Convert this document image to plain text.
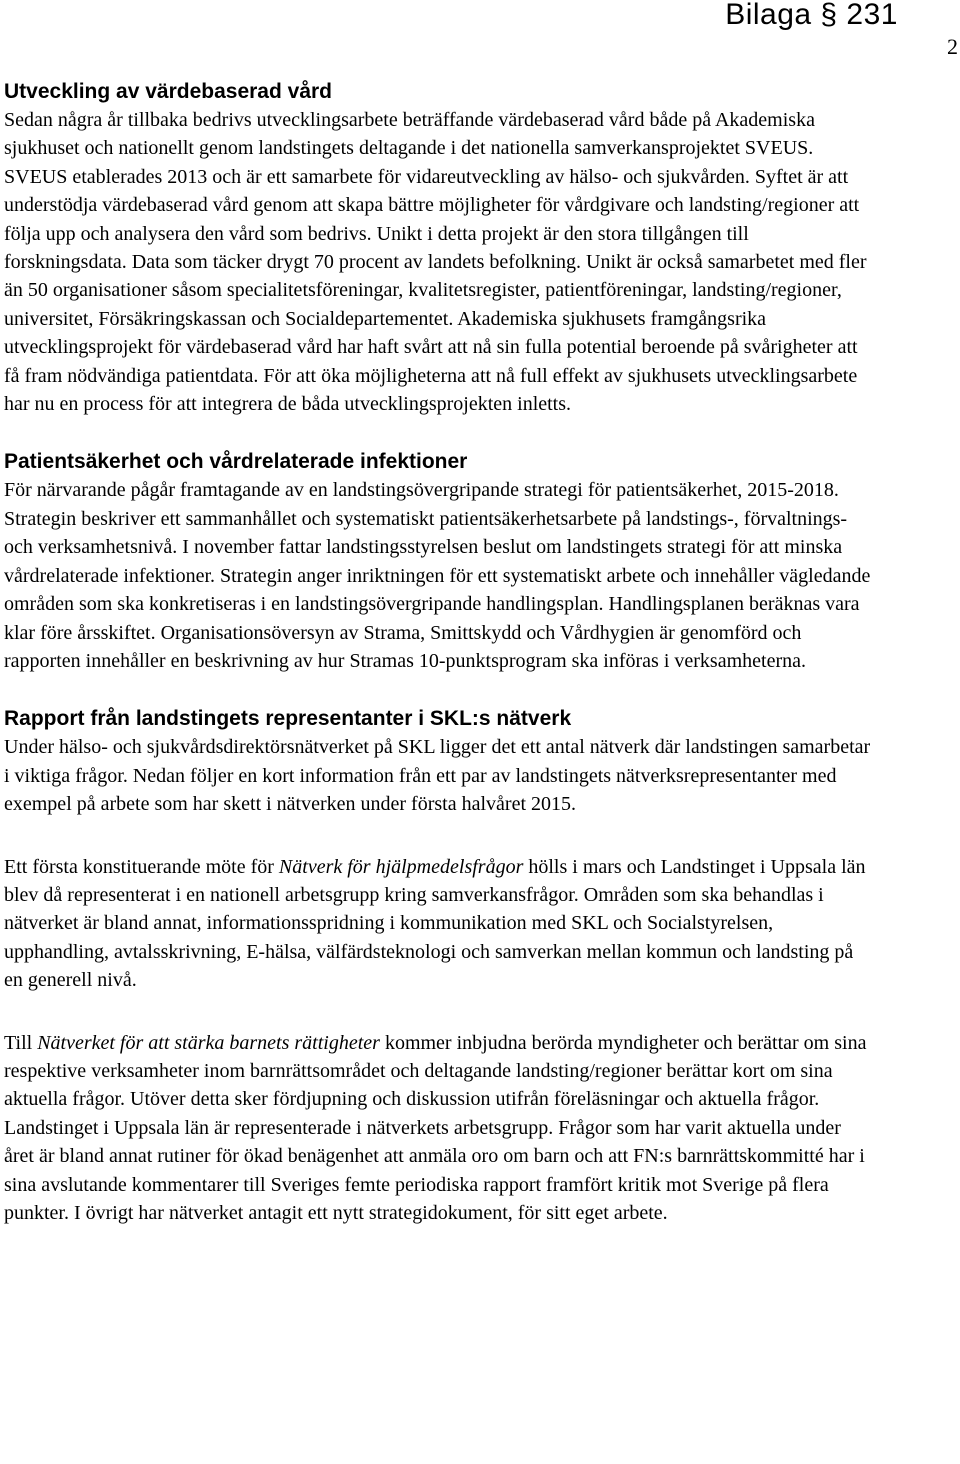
Bilaga § 231
2
Utveckling av värdebaserad vård

Sedan några år tillbaka bedrivs utvecklingsarbete beträffande värdebaserad vård både på Akademiska sjukhuset och nationellt genom landstingets deltagande i det nationella samverkansprojektet SVEUS. SVEUS etablerades 2013 och är ett samarbete för vidareutveckling av hälso- och sjukvården. Syftet är att understödja värdebaserad vård genom att skapa bättre möjligheter för vårdgivare och landsting/regioner att följa upp och analysera den vård som bedrivs. Unikt i detta projekt är den stora tillgången till forskningsdata. Data som täcker drygt 70 procent av landets befolkning. Unikt är också samarbetet med fler än 50 organisationer såsom specialitetsföreningar, kvalitetsregister, patientföreningar, landsting/regioner, universitet, Försäkringskassan och Socialdepartementet. Akademiska sjukhusets framgångsrika utvecklingsprojekt för värdebaserad vård har haft svårt att nå sin fulla potential beroende på svårigheter att få fram nödvändiga patientdata. För att öka möjligheterna att nå full effekt av sjukhusets utvecklingsarbete har nu en process för att integrera de båda utvecklingsprojekten inletts.

Patientsäkerhet och vårdrelaterade infektioner

För närvarande pågår framtagande av en landstingsövergripande strategi för patientsäkerhet, 2015-2018. Strategin beskriver ett sammanhållet och systematiskt patientsäkerhetsarbete på landstings-, förvaltnings- och verksamhetsnivå. I november fattar landstingsstyrelsen beslut om landstingets strategi för att minska vårdrelaterade infektioner. Strategin anger inriktningen för ett systematiskt arbete och innehåller vägledande områden som ska konkretiseras i en landstingsövergripande handlingsplan. Handlingsplanen beräknas vara klar före årsskiftet. Organisationsöversyn av Strama, Smittskydd och Vårdhygien är genomförd och rapporten innehåller en beskrivning av hur Stramas 10-punktsprogram ska införas i verksamheterna.

Rapport från landstingets representanter i SKL:s nätverk

Under hälso- och sjukvårdsdirektörsnätverket på SKL ligger det ett antal nätverk där landstingen samarbetar i viktiga frågor. Nedan följer en kort information från ett par av landstingets nätverksrepresentanter med exempel på arbete som har skett i nätverken under första halvåret 2015.

Ett första konstituerande möte för Nätverk för hjälpmedelsfrågor hölls i mars och Landstinget i Uppsala län blev då representerat i en nationell arbetsgrupp kring samverkansfrågor. Områden som ska behandlas i nätverket är bland annat, informationsspridning i kommunikation med SKL och Socialstyrelsen, upphandling, avtalsskrivning, E-hälsa, välfärdsteknologi och samverkan mellan kommun och landsting på en generell nivå.

Till Nätverket för att stärka barnets rättigheter kommer inbjudna berörda myndigheter och berättar om sina respektive verksamheter inom barnrättsområdet och deltagande landsting/regioner berättar kort om sina aktuella frågor. Utöver detta sker fördjupning och diskussion utifrån föreläsningar och aktuella frågor. Landstinget i Uppsala län är representerade i nätverkets arbetsgrupp. Frågor som har varit aktuella under året är bland annat rutiner för ökad benägenhet att anmäla oro om barn och att FN:s barnrättskommitté har i sina avslutande kommentarer till Sveriges femte periodiska rapport framfört kritik mot Sverige på flera punkter. I övrigt har nätverket antagit ett nytt strategidokument, för sitt eget arbete.
